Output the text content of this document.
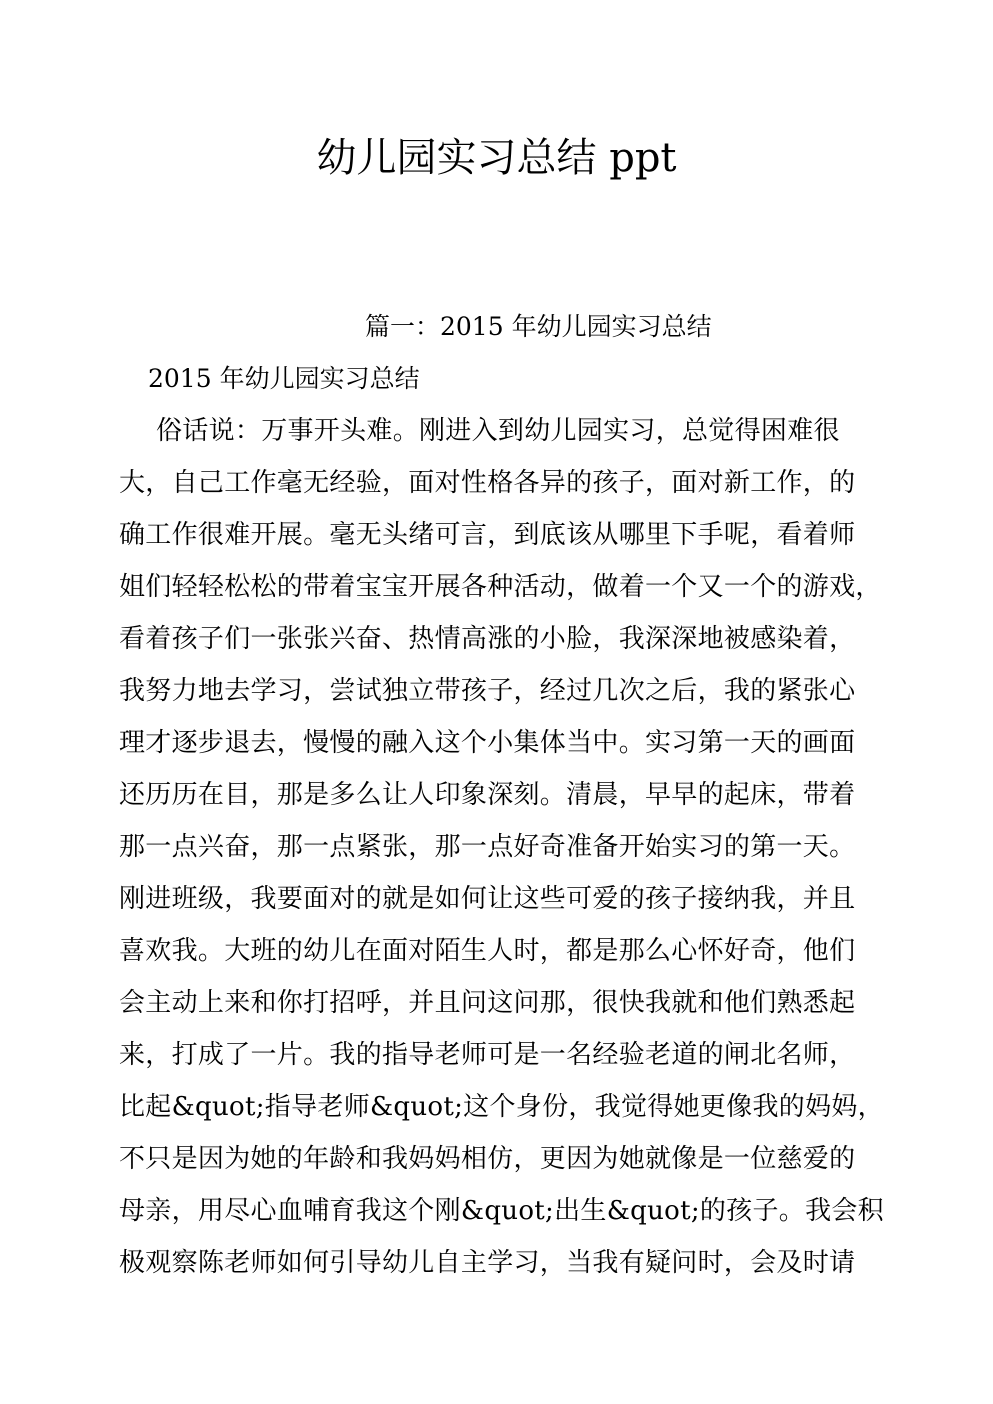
幼儿园实习总结 ppt
篇一：2015 年幼儿园实习总结
2015 年幼儿园实习总结
俗话说：万事开头难。刚进入到幼儿园实习，总觉得困难很
大，自己工作毫无经验，面对性格各异的孩子，面对新工作，的
确工作很难开展。毫无头绪可言，到底该从哪里下手呢，看着师
姐们轻轻松松的带着宝宝开展各种活动，做着一个又一个的游戏，
看着孩子们一张张兴奋、热情高涨的小脸，我深深地被感染着，
我努力地去学习，尝试独立带孩子，经过几次之后，我的紧张心
理才逐步退去，慢慢的融入这个小集体当中。实习第一天的画面
还历历在目，那是多么让人印象深刻。清晨，早早的起床，带着
那一点兴奋，那一点紧张，那一点好奇准备开始实习的第一天。
刚进班级，我要面对的就是如何让这些可爱的孩子接纳我，并且
喜欢我。大班的幼儿在面对陌生人时，都是那么心怀好奇，他们
会主动上来和你打招呼，并且问这问那，很快我就和他们熟悉起
来，打成了一片。我的指导老师可是一名经验老道的闸北名师，
比起&quot;指导老师&quot;这个身份，我觉得她更像我的妈妈，
不只是因为她的年龄和我妈妈相仿，更因为她就像是一位慈爱的
母亲，用尽心血哺育我这个刚&quot;出生&quot;的孩子。我会积
极观察陈老师如何引导幼儿自主学习，当我有疑问时，会及时请
